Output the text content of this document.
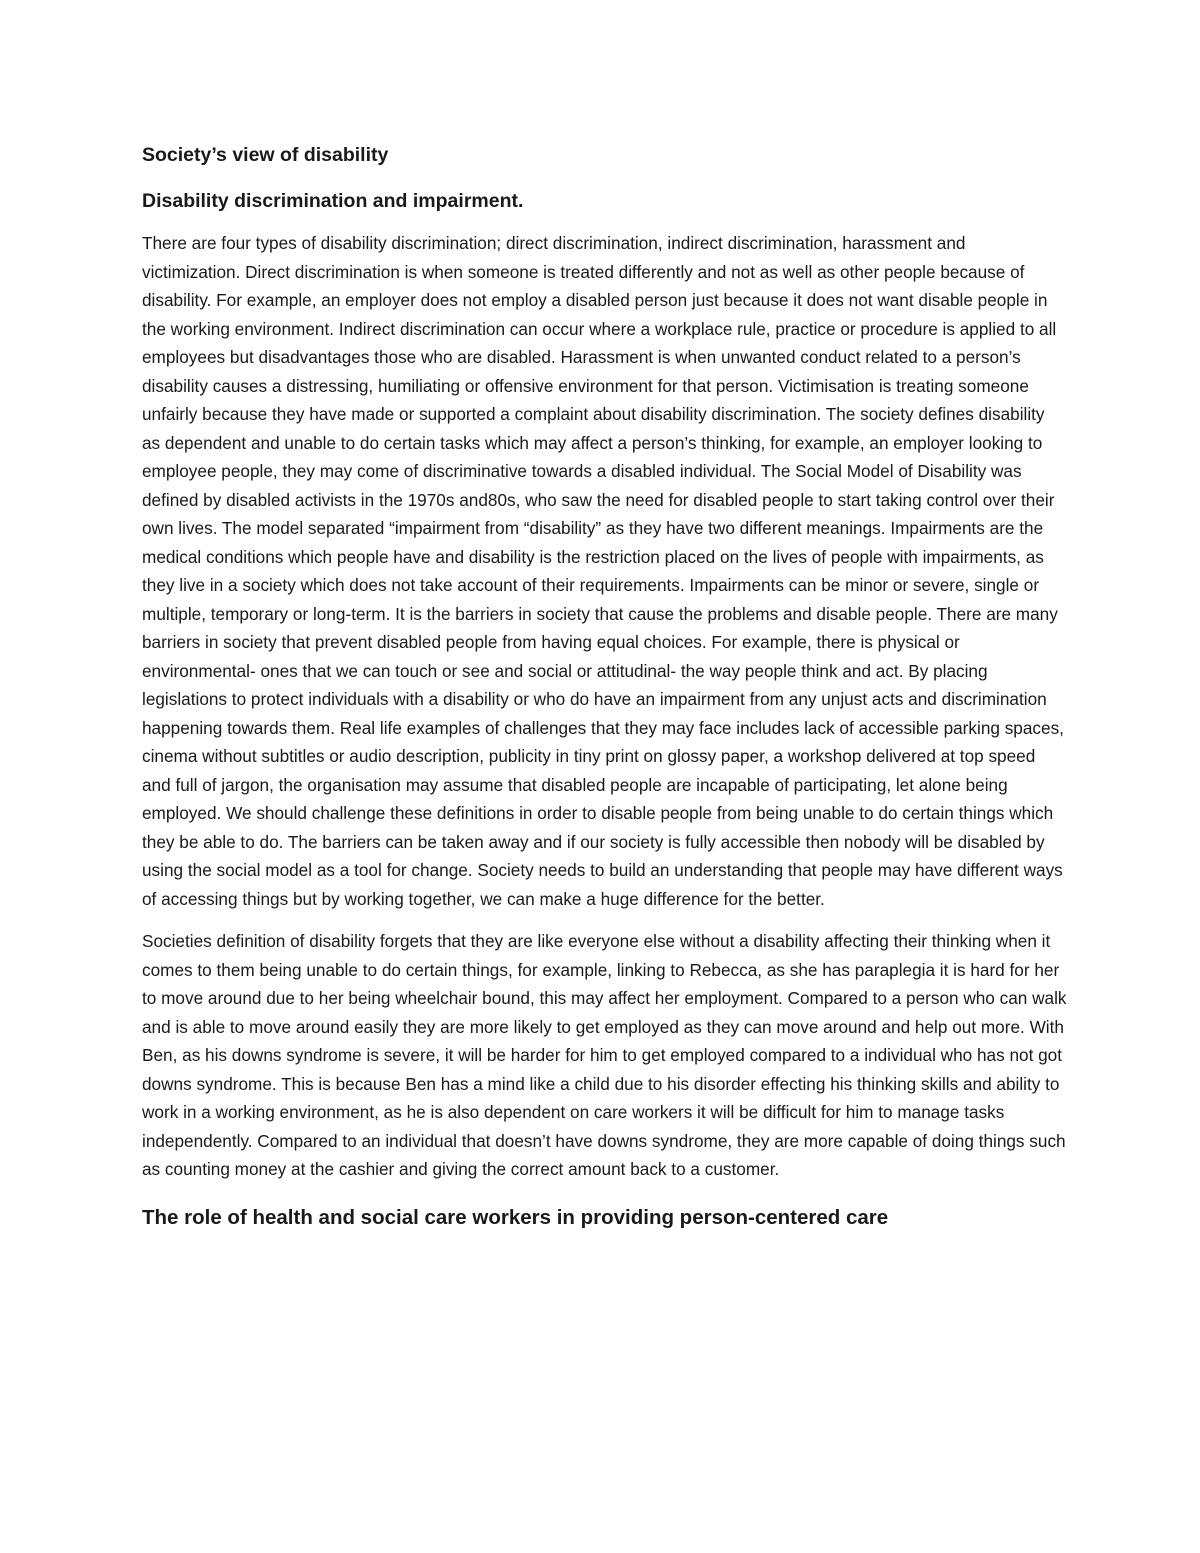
Society’s view of disability
Disability discrimination and impairment.

There are four types of disability discrimination; direct discrimination, indirect discrimination, harassment and victimization. Direct discrimination is when someone is treated differently and not as well as other people because of disability. For example, an employer does not employ a disabled person just because it does not want disable people in the working environment. Indirect discrimination can occur where a workplace rule, practice or procedure is applied to all employees but disadvantages those who are disabled. Harassment is when unwanted conduct related to a person’s disability causes a distressing, humiliating or offensive environment for that person. Victimisation is treating someone unfairly because they have made or supported a complaint about disability discrimination. The society defines disability as dependent and unable to do certain tasks which may affect a person’s thinking, for example, an employer looking to employee people, they may come of discriminative towards a disabled individual. The Social Model of Disability was defined by disabled activists in the 1970s and80s, who saw the need for disabled people to start taking control over their own lives. The model separated “impairment from “disability” as they have two different meanings. Impairments are the medical conditions which people have and disability is the restriction placed on the lives of people with impairments, as they live in a society which does not take account of their requirements. Impairments can be minor or severe, single or multiple, temporary or long-term. It is the barriers in society that cause the problems and disable people. There are many barriers in society that prevent disabled people from having equal choices. For example, there is physical or environmental- ones that we can touch or see and social or attitudinal- the way people think and act. By placing legislations to protect individuals with a disability or who do have an impairment from any unjust acts and discrimination happening towards them. Real life examples of challenges that they may face includes lack of accessible parking spaces, cinema without subtitles or audio description, publicity in tiny print on glossy paper, a workshop delivered at top speed and full of jargon, the organisation may assume that disabled people are incapable of participating, let alone being employed. We should challenge these definitions in order to disable people from being unable to do certain things which they be able to do. The barriers can be taken away and if our society is fully accessible then nobody will be disabled by using the social model as a tool for change. Society needs to build an understanding that people may have different ways of accessing things but by working together, we can make a huge difference for the better.

Societies definition of disability forgets that they are like everyone else without a disability affecting their thinking when it comes to them being unable to do certain things, for example, linking to Rebecca, as she has paraplegia it is hard for her to move around due to her being wheelchair bound, this may affect her employment. Compared to a person who can walk and is able to move around easily they are more likely to get employed as they can move around and help out more. With Ben, as his downs syndrome is severe, it will be harder for him to get employed compared to a individual who has not got downs syndrome. This is because Ben has a mind like a child due to his disorder effecting his thinking skills and ability to work in a working environment, as he is also dependent on care workers it will be difficult for him to manage tasks independently. Compared to an individual that doesn’t have downs syndrome, they are more capable of doing things such as counting money at the cashier and giving the correct amount back to a customer.

The role of health and social care workers in providing person-centered care
